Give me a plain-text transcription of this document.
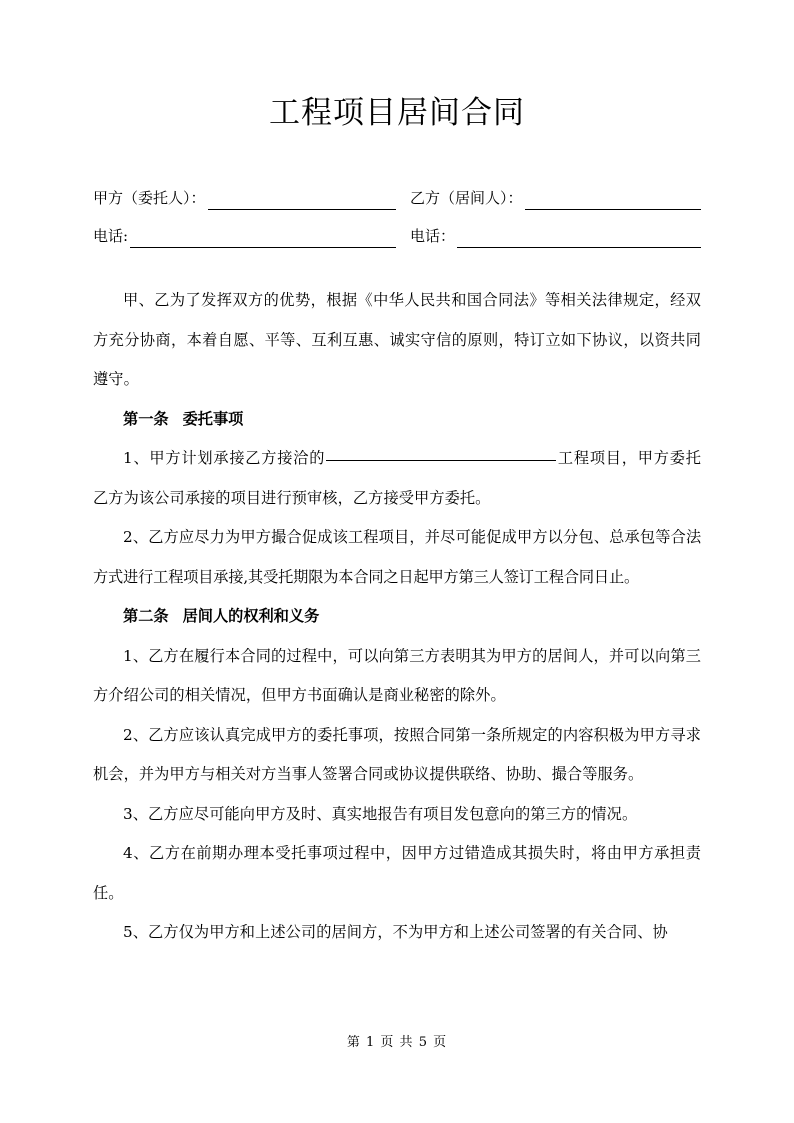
工程项目居间合同
甲方（委托人）：	乙方（居间人）：
电话:	电话：

甲、乙为了发挥双方的优势，根据《中华人民共和国合同法》等相关法律规定，经双方充分协商，本着自愿、平等、互利互惠、诚实守信的原则，特订立如下协议，以资共同遵守。

第一条 委托事项

1、甲方计划承接乙方接洽的	工程项目，甲方委托乙方为该公司承接的项目进行预审核，乙方接受甲方委托。

2、乙方应尽力为甲方撮合促成该工程项目，并尽可能促成甲方以分包、总承包等合法方式进行工程项目承接,其受托期限为本合同之日起甲方第三人签订工程合同日止。

第二条 居间人的权利和义务

1、乙方在履行本合同的过程中，可以向第三方表明其为甲方的居间人，并可以向第三方介绍公司的相关情况，但甲方书面确认是商业秘密的除外。

2、乙方应该认真完成甲方的委托事项，按照合同第一条所规定的内容积极为甲方寻求机会，并为甲方与相关对方当事人签署合同或协议提供联络、协助、撮合等服务。

3、乙方应尽可能向甲方及时、真实地报告有项目发包意向的第三方的情况。

4、乙方在前期办理本受托事项过程中，因甲方过错造成其损失时，将由甲方承担责任。

5、乙方仅为甲方和上述公司的居间方，不为甲方和上述公司签署的有关合同、协

第 1 页 共 5 页
